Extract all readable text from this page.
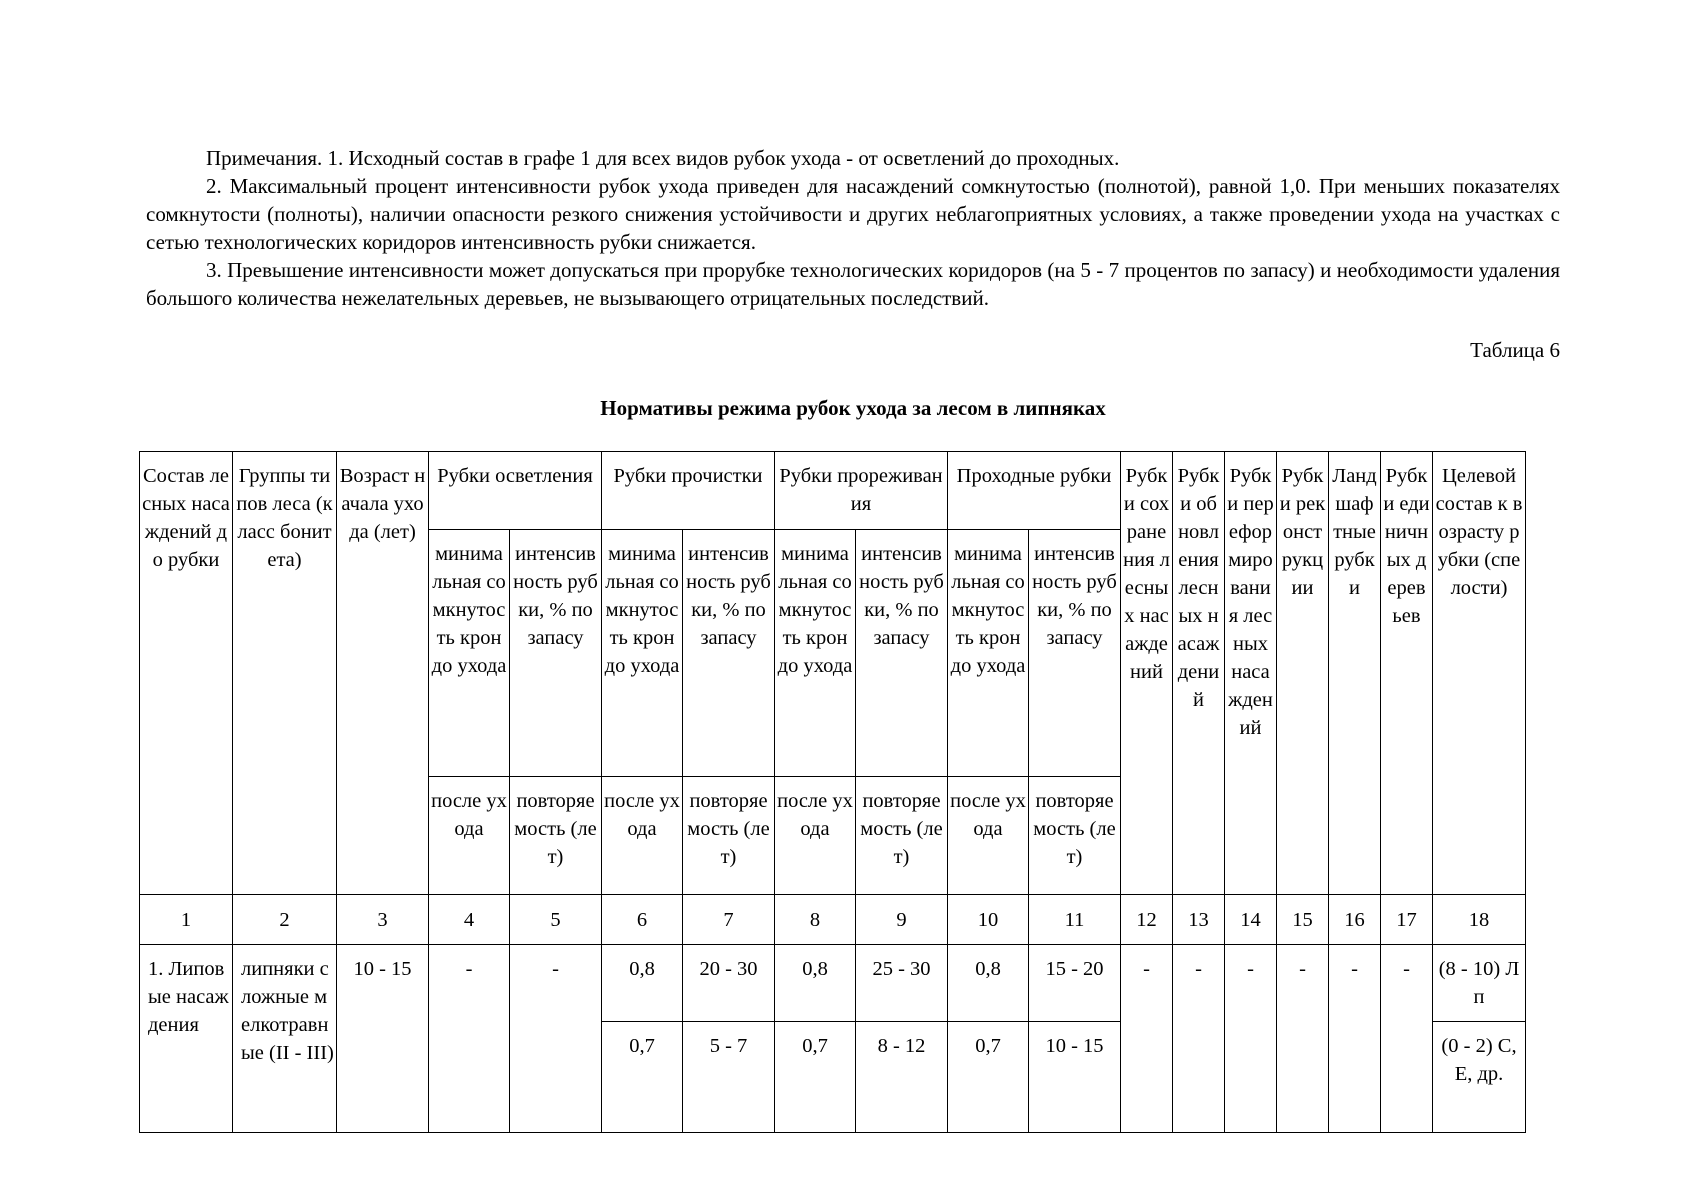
Примечания. 1. Исходный состав в графе 1 для всех видов рубок ухода - от осветлений до проходных.

2. Максимальный процент интенсивности рубок ухода приведен для насаждений сомкнутостью (полнотой), равной 1,0. При меньших показателях сомкнутости (полноты), наличии опасности резкого снижения устойчивости и других неблагоприятных условиях, а также проведении ухода на участках с сетью технологических коридоров интенсивность рубки снижается.

3. Превышение интенсивности может допускаться при прорубке технологических коридоров (на 5 - 7 процентов по запасу) и необходимости удаления большого количества нежелательных деревьев, не вызывающего отрицательных последствий.

Таблица 6
Нормативы режима рубок ухода за лесом в липняках
Состав лесных насаждений до рубки	Группы типов леса (класс бонитета)	Возраст начала ухода (лет)	Рубки осветления		Рубки прочистки		Рубки прореживания		Проходные рубки		Рубки сохранения лесных насаждений	Рубки обновления лесных насаждений	Рубки переформирования лесных насаждений	Рубки реконструкции	Ландшафтные рубки	Рубки единичных деревьев	Целевой состав к возрасту рубки (спелости)
			минимальная сомкнутость крон до ухода	интенсивность рубки, % по запасу	минимальная сомкнутость крон до ухода	интенсивность рубки, % по запасу	минимальная сомкнутость крон до ухода	интенсивность рубки, % по запасу	минимальная сомкнутость крон до ухода	интенсивность рубки, % по запасу							
			после ухода	повторяемость (лет)	после ухода	повторяемость (лет)	после ухода	повторяемость (лет)	после ухода	повторяемость (лет)							
1	2	3	4	5	6	7	8	9	10	11	12	13	14	15	16	17	18
1. Липовые насаждения	липняки сложные мелкотравные (II - III)	10 - 15	-	-	0,8	20 - 30	0,8	25 - 30	0,8	15 - 20	-	-	-	-	-	-	(8 - 10) Лп
					0,7	5 - 7	0,7	8 - 12	0,7	10 - 15							(0 - 2) С, Е, др.
